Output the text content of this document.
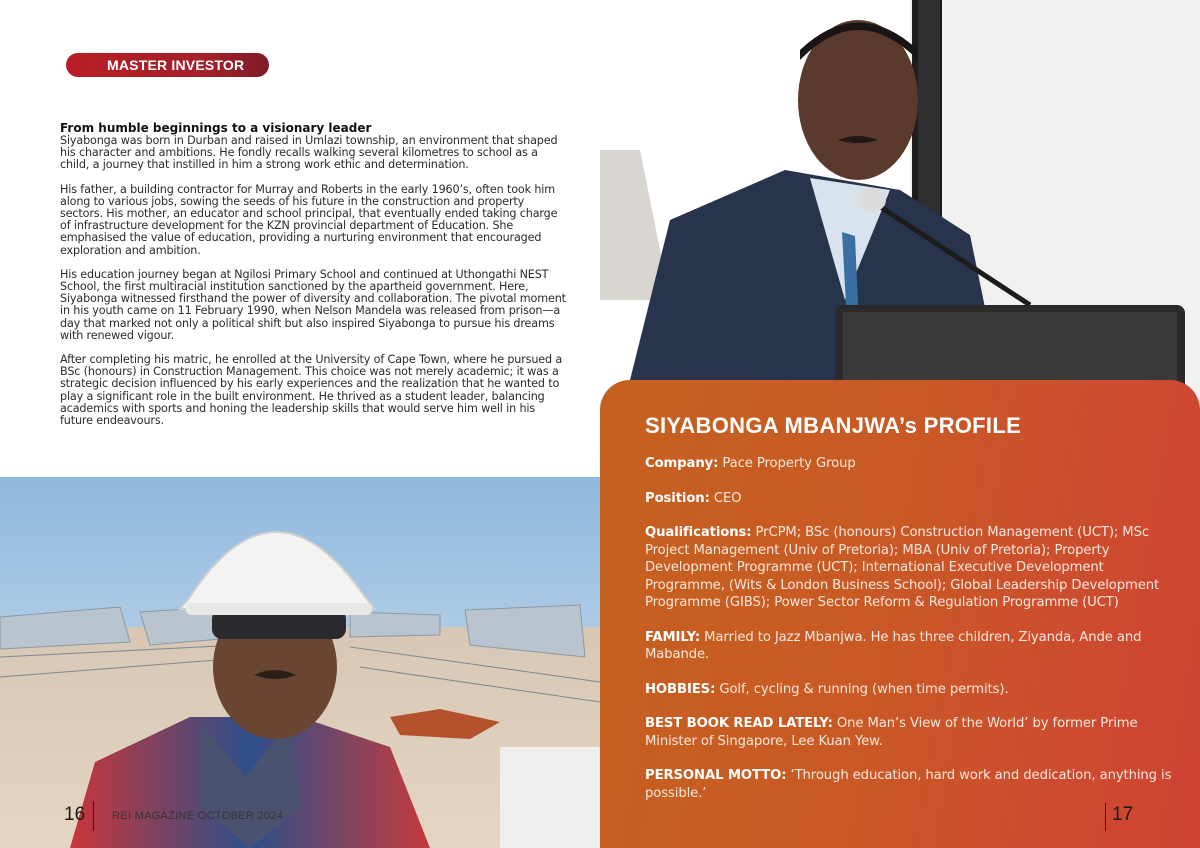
MASTER INVESTOR
From humble beginnings to a visionary leader

Siyabonga was born in Durban and raised in Umlazi township, an environment that shaped his character and ambitions. He fondly recalls walking several kilometres to school as a child, a journey that instilled in him a strong work ethic and determination.

His father, a building contractor for Murray and Roberts in the early 1960’s, often took him along to various jobs, sowing the seeds of his future in the construction and property sectors. His mother, an educator and school principal, that eventually ended taking charge of infrastructure development for the KZN provincial department of Education. She emphasised the value of education, providing a nurturing environment that encouraged exploration and ambition.

His education journey began at Ngilosi Primary School and continued at Uthongathi NEST School, the first multiracial institution sanctioned by the apartheid government. Here, Siyabonga witnessed firsthand the power of diversity and collaboration. The pivotal moment in his youth came on 11 February 1990, when Nelson Mandela was released from prison—a day that marked not only a political shift but also inspired Siyabonga to pursue his dreams with renewed vigour.

After completing his matric, he enrolled at the University of Cape Town, where he pursued a BSc (honours) in Construction Management. This choice was not merely academic; it was a strategic decision influenced by his early experiences and the realization that he wanted to play a significant role in the built environment. He thrived as a student leader, balancing academics with sports and honing the leadership skills that would serve him well in his future endeavours.

16 REI MAGAZINE OCTOBER 2024
SIYABONGA MBANJWA’s PROFILE
Company: Pace Property Group
Position: CEO
Qualifications: PrCPM; BSc (honours) Construction Management (UCT); MSc Project Management (Univ of Pretoria); MBA (Univ of Pretoria); Property Development Programme (UCT); International Executive Development Programme, (Wits & London Business School); Global Leadership Development Programme (GIBS); Power Sector Reform & Regulation Programme (UCT)
FAMILY: Married to Jazz Mbanjwa. He has three children, Ziyanda, Ande and Mabande.
HOBBIES: Golf, cycling & running (when time permits).
BEST BOOK READ LATELY: One Man’s View of the World’ by former Prime Minister of Singapore, Lee Kuan Yew.
PERSONAL MOTTO: ‘Through education, hard work and dedication, anything is possible.’
17
